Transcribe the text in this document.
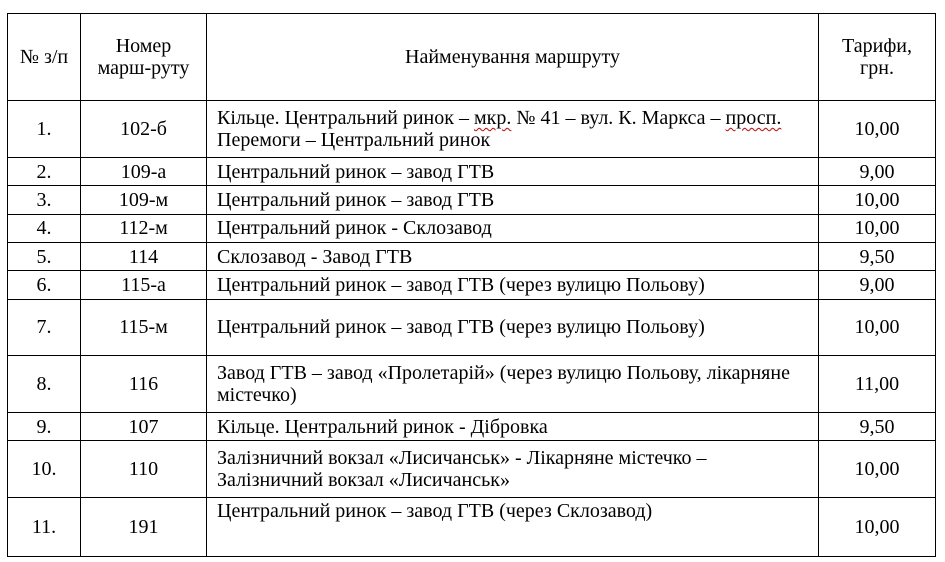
№ з/п	Номер марш-руту	Найменування маршруту	Тарифи, грн.
1.	102-б	Кільце. Центральний ринок – мкр. № 41 – вул. К. Маркса – просп. Перемоги – Центральний ринок	10,00
2.	109-а	Центральний ринок – завод ГТВ	9,00
3.	109-м	Центральний ринок – завод ГТВ	10,00
4.	112-м	Центральний ринок - Склозавод	10,00
5.	114	Склозавод - Завод ГТВ	9,50
6.	115-а	Центральний ринок – завод ГТВ (через вулицю Польову)	9,00
7.	115-м	Центральний ринок – завод ГТВ (через вулицю Польову)	10,00
8.	116	Завод ГТВ – завод «Пролетарій» (через вулицю Польову, лікарняне містечко)	11,00
9.	107	Кільце. Центральний ринок - Дібровка	9,50
10.	110	Залізничний вокзал «Лисичанськ» - Лікарняне містечко – Залізничний вокзал «Лисичанськ»	10,00
11.	191	Центральний ринок – завод ГТВ (через Склозавод)	10,00
